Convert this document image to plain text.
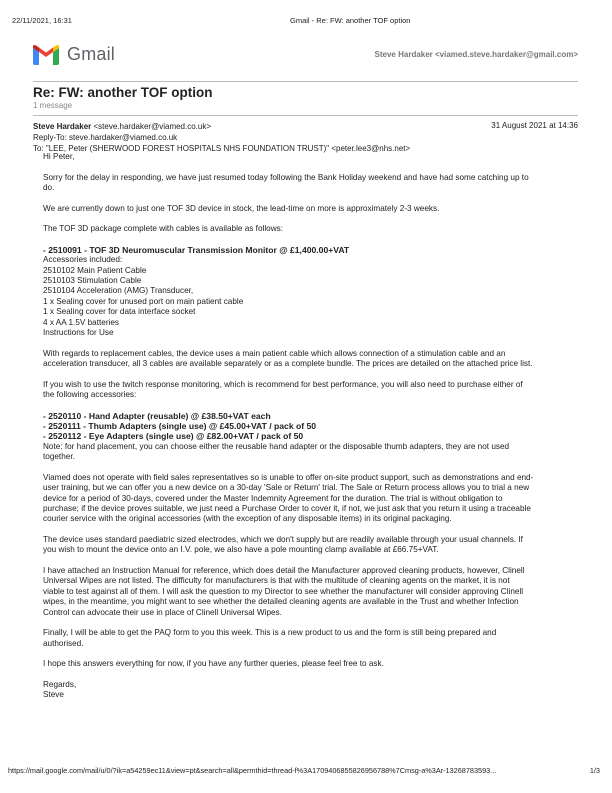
22/11/2021, 16:31	Gmail - Re: FW: another TOF option
Gmail	Steve Hardaker <viamed.steve.hardaker@gmail.com>
Re: FW: another TOF option
1 message
Steve Hardaker <steve.hardaker@viamed.co.uk>
Reply-To: steve.hardaker@viamed.co.uk
To: "LEE, Peter (SHERWOOD FOREST HOSPITALS NHS FOUNDATION TRUST)" <peter.lee3@nhs.net>
31 August 2021 at 14:36
Hi Peter,
Sorry for the delay in responding, we have just resumed today following the Bank Holiday weekend and have had some catching up to
do.
We are currently down to just one TOF 3D device in stock, the lead-time on more is approximately 2-3 weeks.
The TOF 3D package complete with cables is available as follows:
- 2510091 - TOF 3D Neuromuscular Transmission Monitor @ £1,400.00+VAT
Accessories included:
2510102 Main Patient Cable
2510103 Stimulation Cable
2510104 Acceleration (AMG) Transducer,
1 x Sealing cover for unused port on main patient cable
1 x Sealing cover for data interface socket
4 x AA 1.5V batteries
Instructions for Use
With regards to replacement cables, the device uses a main patient cable which allows connection of a stimulation cable and an
acceleration transducer, all 3 cables are available separately or as a complete bundle. The prices are detailed on the attached price list.
If you wish to use the twitch response monitoring, which is recommend for best performance, you will also need to purchase either of
the following accessories:
- 2520110 - Hand Adapter (reusable) @ £38.50+VAT each
- 2520111 - Thumb Adapters (single use) @ £45.00+VAT / pack of 50
- 2520112 - Eye Adapters (single use) @ £82.00+VAT / pack of 50
Note: for hand placement, you can choose either the reusable hand adapter or the disposable thumb adapters, they are not used
together.
Viamed does not operate with field sales representatives so is unable to offer on-site product support, such as demonstrations and end-
user training, but we can offer you a new device on a 30-day 'Sale or Return' trial. The Sale or Return process allows you to trial a new
device for a period of 30-days, covered under the Master Indemnity Agreement for the duration. The trial is without obligation to
purchase; if the device proves suitable, we just need a Purchase Order to cover it, if not, we just ask that you return it using a traceable
courier service with the original accessories (with the exception of any disposable items) in its original packaging.
The device uses standard paediatric sized electrodes, which we don't supply but are readily available through your usual channels. If
you wish to mount the device onto an I.V. pole, we also have a pole mounting clamp available at £66.75+VAT.
I have attached an Instruction Manual for reference, which does detail the Manufacturer approved cleaning products, however, Clinell
Universal Wipes are not listed. The difficulty for manufacturers is that with the multitude of cleaning agents on the market, it is not
viable to test against all of them. I will ask the question to my Director to see whether the manufacturer will consider approving Clinell
wipes, in the meantime, you might want to see whether the detailed cleaning agents are available in the Trust and whether Infection
Control can advocate their use in place of Clinell Universal Wipes.
Finally, I will be able to get the PAQ form to you this week. This is a new product to us and the form is still being prepared and
authorised.
I hope this answers everything for now, if you have any further queries, please feel free to ask.
Regards,
Steve
https://mail.google.com/mail/u/0/?ik=a54259ec11&view=pt&search=all&permthid=thread-f%3A1709406855826956788%7Cmsg-a%3Ar-13268783593...	1/3
